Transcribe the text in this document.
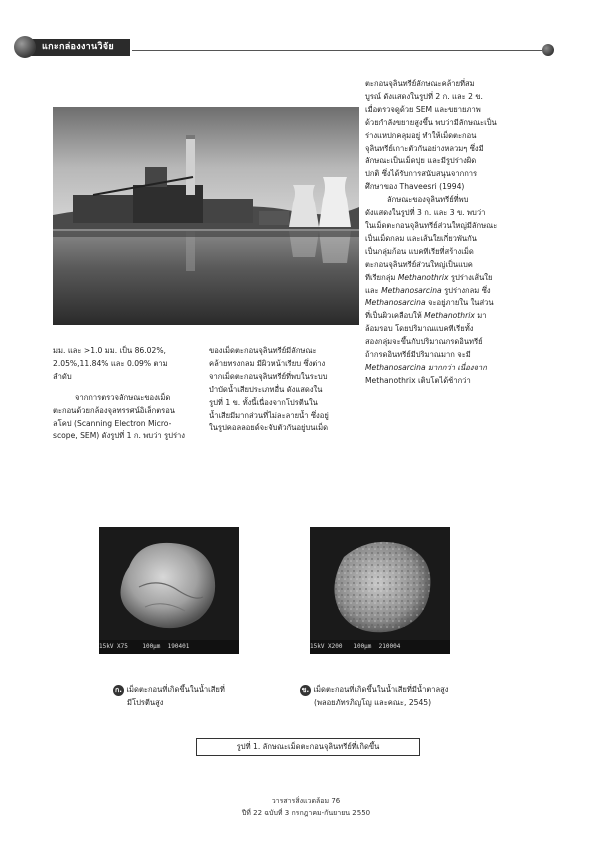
แกะกล่องงานวิจัย

ตะกอนจุลินทรีย์ลักษณะคล้ายที่สม

บูรณ์ ดังแสดงในรูปที่ 2 ก. และ 2 ข.

เมื่อตรวจดูด้วย SEM และขยายภาพ

ด้วยกำลังขยายสูงขึ้น พบว่ามีลักษณะเป็น

ร่างแหปกคลุมอยู่ ทำให้เม็ดตะกอน

จุลินทรีย์เกาะตัวกันอย่างหลวมๆ ซึ่งมี

ลักษณะเป็นเม็ดปุย และมีรูปร่างผิด

ปกติ ซึ่งได้รับการสนับสนุนจากการ

ศึกษาของ Thaveesri (1994)

ลักษณะของจุลินทรีย์ที่พบ

ดังแสดงในรูปที่ 3 ก. และ 3 ข. พบว่า

ในเม็ดตะกอนจุลินทรีย์ส่วนใหญ่มีลักษณะ

เป็นเม็ดกลม และเส้นใยเกี่ยวพันกัน

เป็นกลุ่มก้อน แบคทีเรียที่สร้างเม็ด

ตะกอนจุลินทรีย์ส่วนใหญ่เป็นแบค

ทีเรียกลุ่ม Methanothrix รูปร่างเส้นใย

และ Methanosarcina รูปร่างกลม ซึ่ง

Methanosarcina จะอยู่ภายใน ในส่วน

ที่เป็นผิวเคลือบให้ Methanothrix มา

ล้อมรอบ โดยปริมาณแบคทีเรียทั้ง

สองกลุ่มจะขึ้นกับปริมาณกรดอินทรีย์

ถ้ากรดอินทรีย์มีปริมาณมาก จะมี

Methanosarcina มากกว่า เนื่องจาก

Methanothrix เติบโตได้ช้ากว่า

มม. และ >1.0 มม. เป็น 86.02%,

2.05%,11.84% และ 0.09% ตาม

ลำดับ

จากการตรวจลักษณะของเม็ด

ตะกอนด้วยกล้องจุลทรรศน์อิเล็กตรอน

ลโคป (Scanning Electron Micro-

scope, SEM) ดังรูปที่ 1 ก. พบว่า รูปร่าง

ของเม็ดตะกอนจุลินทรีย์มีลักษณะ

คล้ายทรงกลม มีผิวหน้าเรียบ ซึ่งต่าง

จากเม็ดตะกอนจุลินทรีย์ที่พบในระบบ

บำบัดน้ำเสียประเภทอื่น ดังแสดงใน

รูปที่ 1 ข. ทั้งนี้เนื่องจากโปรตีนใน

น้ำเสียมีมากส่วนที่ไม่ละลายน้ำ ซึ่งอยู่

ในรูปคอลลอยด์จะจับตัวกันอยู่บนเม็ด

15kV X75    100μm  190401	15kV X200   100μm  210004
ก. เม็ดตะกอนที่เกิดขึ้นในน้ำเสียที่
มีโปรตีนสูง
ข. เม็ดตะกอนที่เกิดขึ้นในน้ำเสียที่มีน้ำตาลสูง
(พลอยภัทรภิญโญ และคณะ, 2545)
รูปที่ 1. ลักษณะเม็ดตะกอนจุลินทรีย์ที่เกิดขึ้น
วารสารสิ่งแวดล้อม 76
ปีที่ 22 ฉบับที่ 3 กรกฎาคม-กันยายน 2550
